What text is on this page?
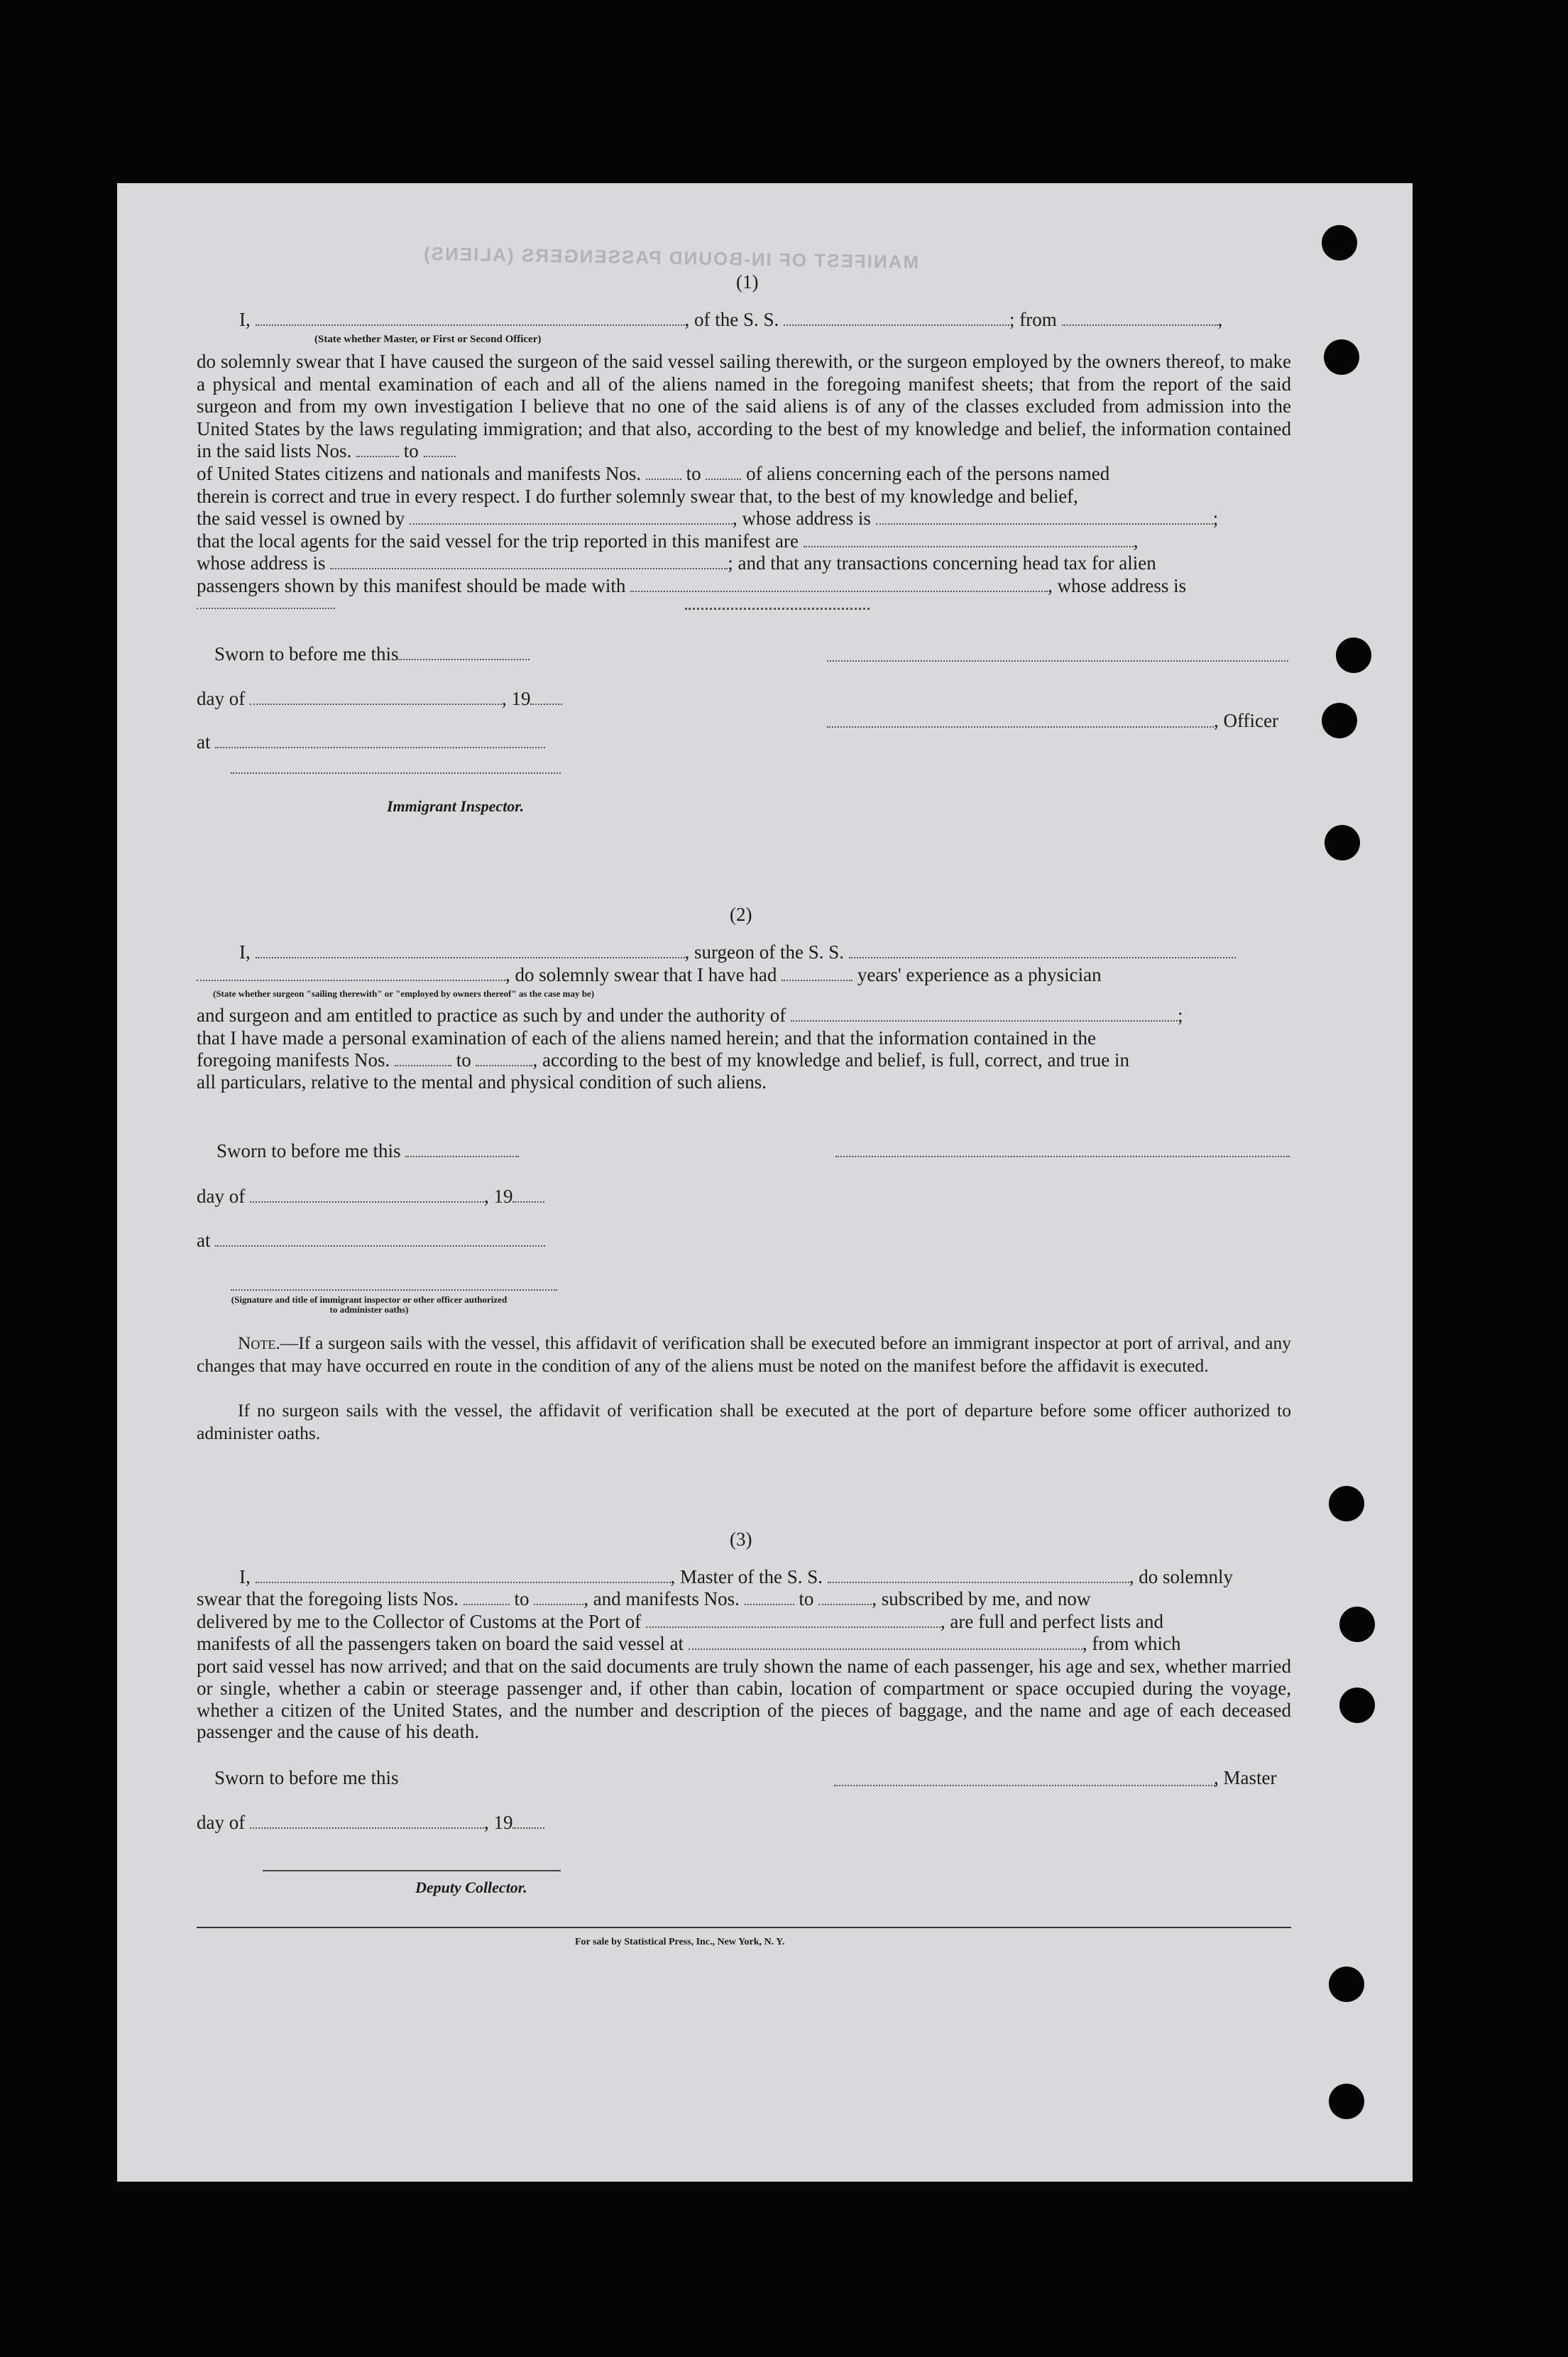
MANIFEST OF IN-BOUND PASSENGERS (ALIENS)
(1)
I,	, of the S. S.	; from	,
(State whether Master, or First or Second Officer)
do solemnly swear that I have caused the surgeon of the said vessel sailing therewith, or the surgeon employed by the owners thereof, to make a physical and mental examination of each and all of the aliens named in the foregoing manifest sheets; that from the report of the said surgeon and from my own investigation I believe that no one of the said aliens is of any of the classes excluded from admission into the United States by the laws regulating immigration; and that also, according to the best of my knowledge and belief, the information contained in the said lists Nos.	to
of United States citizens and nationals and manifests Nos. to of aliens concerning each of the persons named
therein is correct and true in every respect. I do further solemnly swear that, to the best of my knowledge and belief,
the said vessel is owned by	, whose address is	;
that the local agents for the said vessel for the trip reported in this manifest are	,
whose address is	; and that any transactions concerning head tax for alien
passengers shown by this manifest should be made with	, whose address is
Sworn to before me this
day of	, 19
at
Immigrant Inspector.
, Officer
(2)
I,	, surgeon of the S. S.
, do solemnly swear that I have had	years' experience as a physician
(State whether surgeon "sailing therewith" or "employed by owners thereof" as the case may be)
and surgeon and am entitled to practice as such by and under the authority of	;
that I have made a personal examination of each of the aliens named herein; and that the information contained in the
foregoing manifests Nos.	to	, according to the best of my knowledge and belief, is full, correct, and true in
all particulars, relative to the mental and physical condition of such aliens.
Sworn to before me this
day of	, 19
at
(Signature and title of immigrant inspector or other officer authorized to administer oaths)
Note.—If a surgeon sails with the vessel, this affidavit of verification shall be executed before an immigrant inspector at port of arrival, and any changes that may have occurred en route in the condition of any of the aliens must be noted on the manifest before the affidavit is executed.
If no surgeon sails with the vessel, the affidavit of verification shall be executed at the port of departure before some officer authorized to administer oaths.
(3)
I,	, Master of the S. S.	, do solemnly
swear that the foregoing lists Nos.	to	, and manifests Nos.	to	, subscribed by me, and now
delivered by me to the Collector of Customs at the Port of	, are full and perfect lists and
manifests of all the passengers taken on board the said vessel at	, from which
port said vessel has now arrived; and that on the said documents are truly shown the name of each passenger, his age and sex, whether married or single, whether a cabin or steerage passenger and, if other than cabin, location of compartment or space occupied during the voyage, whether a citizen of the United States, and the number and description of the pieces of baggage, and the name and age of each deceased passenger and the cause of his death.
Sworn to before me this	, Master
day of	, 19
Deputy Collector.
For sale by Statistical Press, Inc., New York, N. Y.
